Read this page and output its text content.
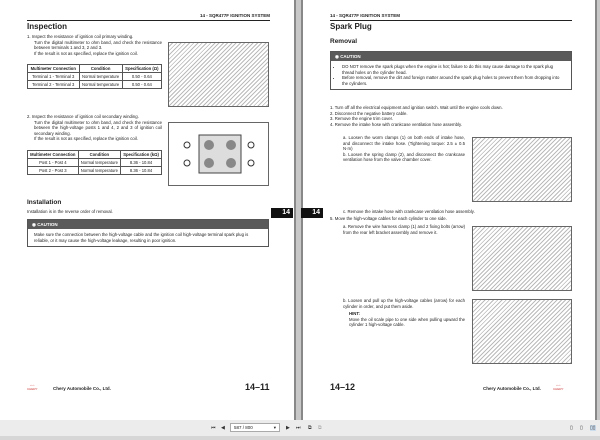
14 - SQR477F IGNITION SYSTEM
Inspection

1. Inspect the resistance of ignition coil primary winding.

Turn the digital multimeter to ohm band, and check the resistance between terminals 1 and 3, 2 and 3.

If the result is not as specified, replace the ignition coil.

Multimeter Connection	Condition	Specification (Ω)
Terminal 1 - Terminal 3	Normal temperature	0.50 - 0.64
Terminal 2 - Terminal 3	Normal temperature	0.50 - 0.64

2. Inspect the resistance of ignition coil secondary winding.

Turn the digital multimeter to ohm band, and check the resistance between the high-voltage posts 1 and 4, 2 and 3 of ignition coil secondary winding.

If the result is not as specified, replace the ignition coil.

Multimeter Connection	Condition	Specification (kΩ)
Post 1 - Post 4	Normal temperature	8.36 - 10.84
Post 2 - Post 3	Normal temperature	8.36 - 10.84
Installation

Installation is in the reverse order of removal.

◉ CAUTION

Make sure the connection between the high-voltage cable and the ignition coil high-voltage terminal spark plug is reliable, or it may cause the high-voltage leakage, resulting in poor ignition.

14
⌓⌓
CHERY	Chery Automobile Co., Ltd.	14–11
14 - SQR477F IGNITION SYSTEM
Spark Plug
Removal
◉ CAUTION
• DO NOT remove the spark plugs when the engine is hot; failure to do this may cause damage to the spark plug thread holes on the cylinder head.
• Before removal, remove the dirt and foreign matter around the spark plug holes to prevent them from dropping into the cylinders.

1. Turn off all the electrical equipment and ignition switch. Wait until the engine cools down.

2. Disconnect the negative battery cable.

3. Remove the engine trim cover.

4. Remove the intake hose with crankcase ventilation hose assembly.

a. Loosen the worm clamps (1) on both ends of intake hose, and disconnect the intake hose. (Tightening torque: 2.5 ± 0.5 N·m)

b. Loosen the spring clamp (2), and disconnect the crankcase ventilation hose from the valve chamber cover.

14	c. Remove the intake hose with crankcase ventilation hose assembly.

5. Move the high-voltage cables for each cylinder to one side.

a. Remove the wire harness clamp (1) and 2 fixing bolts (arrow) from the rear left bracket assembly and remove it.

b. Loosen and pull up the high-voltage cables (arrow) for each cylinder in order, and put them aside.

HINT:

Move the oil scale pipe to one side when pulling upward the cylinder 1 high-voltage cable.

14–12	Chery Automobile Co., Ltd.
⌓⌓
CHERY
⏮ ◀	587 / 800	▾ ▶ ⏭ ⧉ ⧉	▯ ▯ ▯▯
